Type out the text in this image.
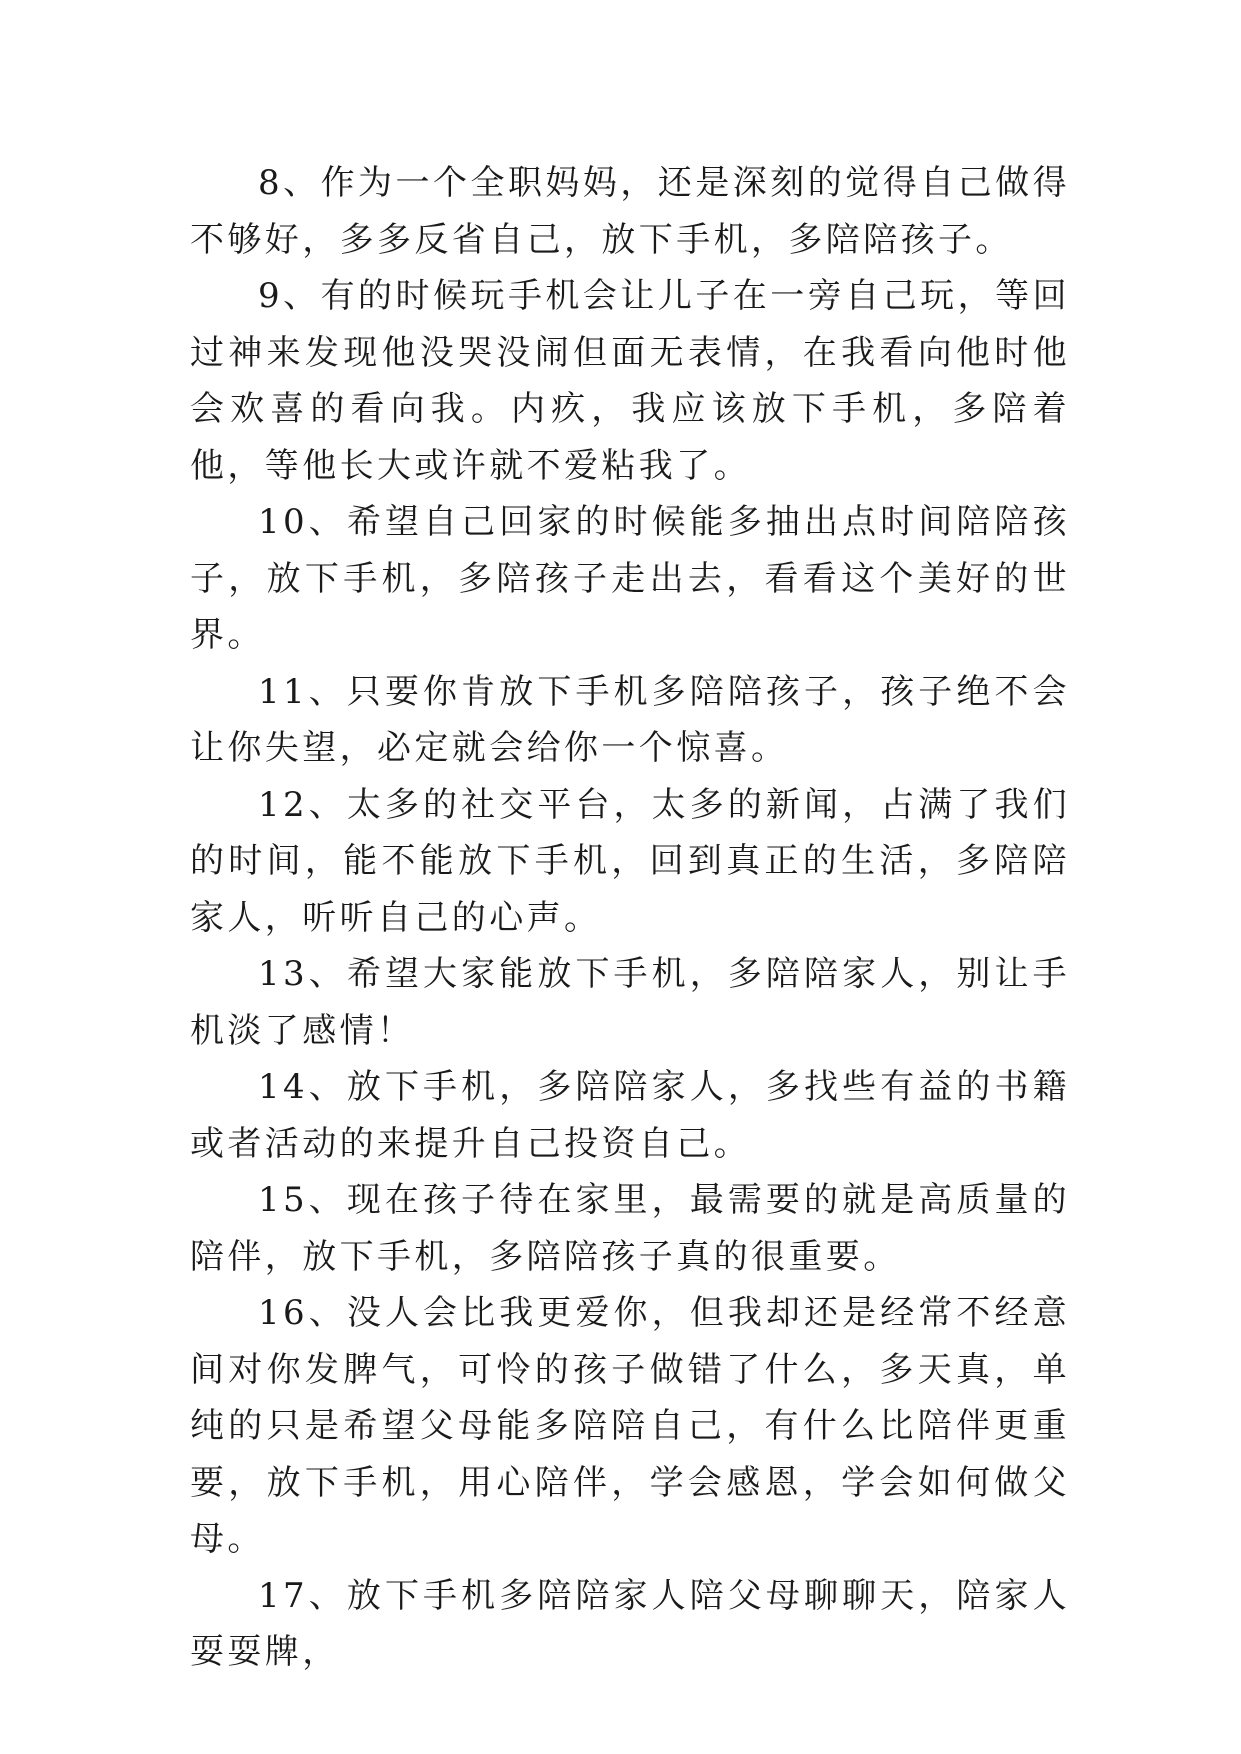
8、作为一个全职妈妈，还是深刻的觉得自己做得不够好，多多反省自己，放下手机，多陪陪孩子。

9、有的时候玩手机会让儿子在一旁自己玩，等回过神来发现他没哭没闹但面无表情，在我看向他时他会欢喜的看向我。内疚，我应该放下手机，多陪着他，等他长大或许就不爱粘我了。

10、希望自己回家的时候能多抽出点时间陪陪孩子，放下手机，多陪孩子走出去，看看这个美好的世界。

11、只要你肯放下手机多陪陪孩子，孩子绝不会让你失望，必定就会给你一个惊喜。

12、太多的社交平台，太多的新闻，占满了我们的时间，能不能放下手机，回到真正的生活，多陪陪家人，听听自己的心声。

13、希望大家能放下手机，多陪陪家人，别让手机淡了感情！

14、放下手机，多陪陪家人，多找些有益的书籍或者活动的来提升自己投资自己。

15、现在孩子待在家里，最需要的就是高质量的陪伴，放下手机，多陪陪孩子真的很重要。

16、没人会比我更爱你，但我却还是经常不经意间对你发脾气，可怜的孩子做错了什么，多天真，单纯的只是希望父母能多陪陪自己，有什么比陪伴更重要，放下手机，用心陪伴，学会感恩，学会如何做父母。

17、放下手机多陪陪家人陪父母聊聊天，陪家人耍耍牌，
